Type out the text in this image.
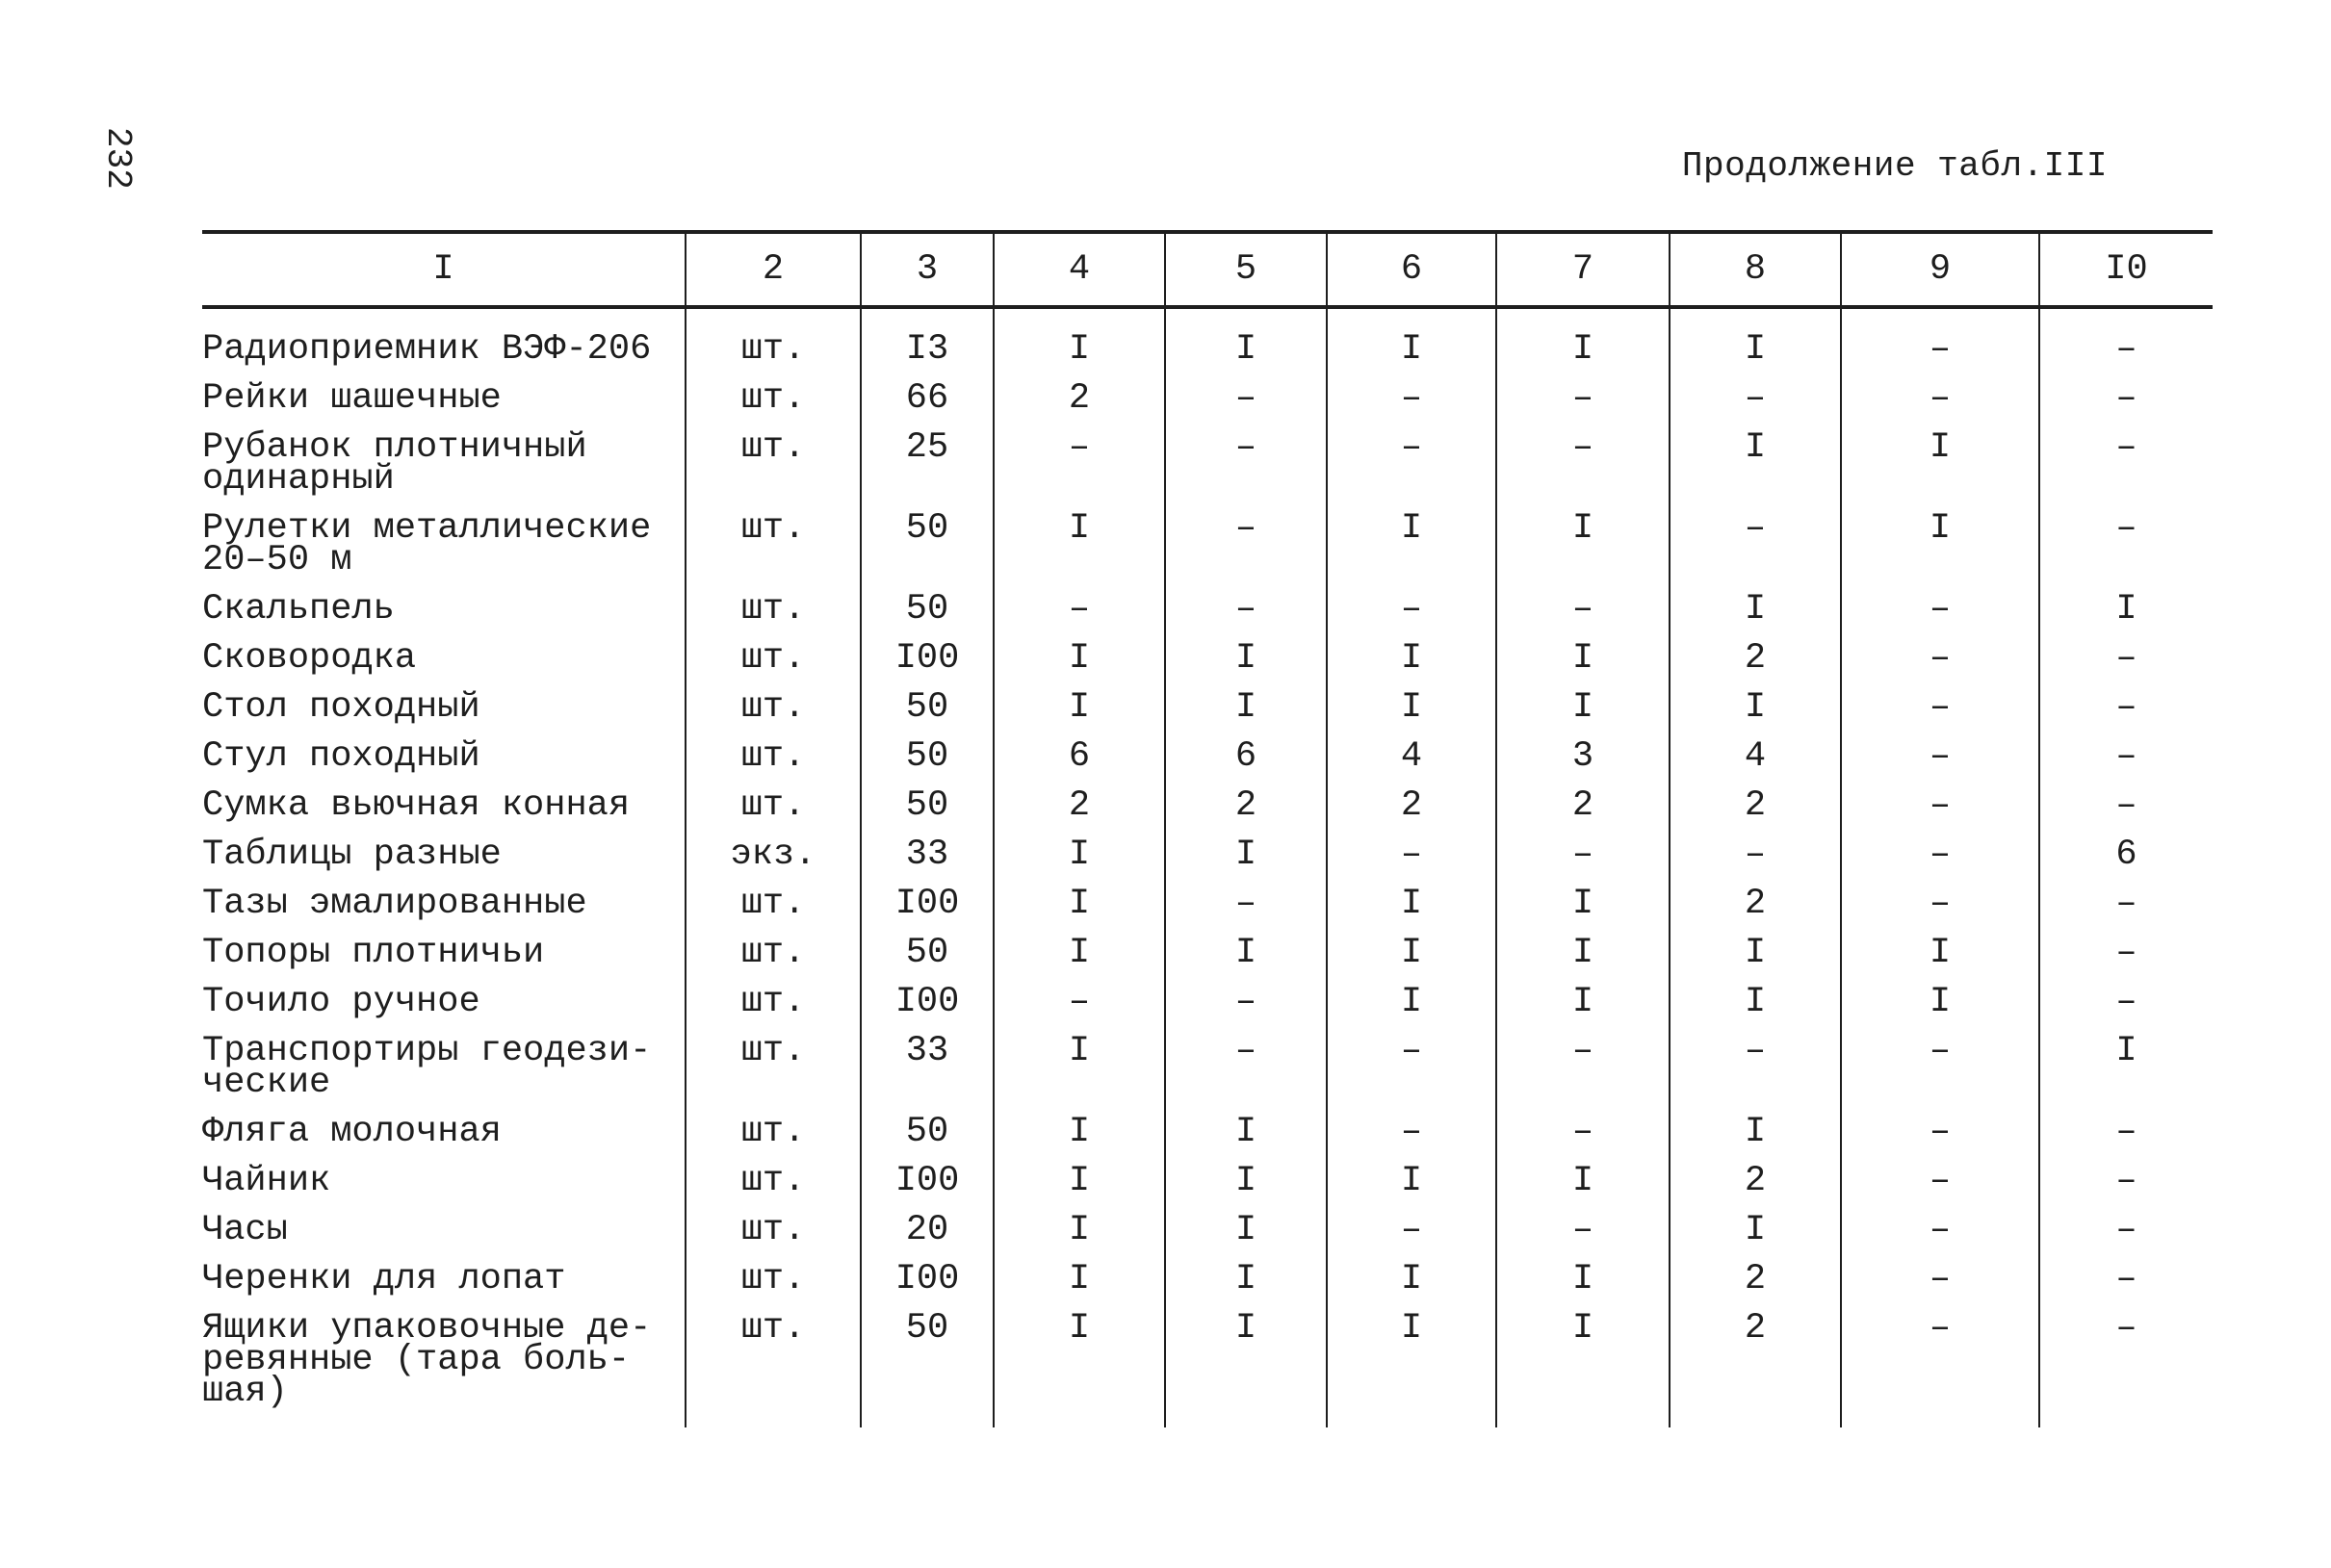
232	Продолжение табл.III
I	2	3	4	5	6	7	8	9	I0

Радиоприемник ВЭФ-206	шт.	I3	I	I	I	I	I	–	–

Рейки шашечные	шт.	66	2	–	–	–	–	–	–

Рубанок плотничный
одинарный	шт.	25	–	–	–	–	I	I	–

Рулетки металлические
20–50 м	шт.	50	I	–	I	I	–	I	–

Скальпель	шт.	50	–	–	–	–	I	–	I

Сковородка	шт.	I00	I	I	I	I	2	–	–

Стол походный	шт.	50	I	I	I	I	I	–	–

Стул походный	шт.	50	6	6	4	3	4	–	–

Сумка вьючная конная	шт.	50	2	2	2	2	2	–	–

Таблицы разные	экз.	33	I	I	–	–	–	–	6

Тазы эмалированные	шт.	I00	I	–	I	I	2	–	–

Топоры плотничьи	шт.	50	I	I	I	I	I	I	–

Точило ручное	шт.	I00	–	–	I	I	I	I	–

Транспортиры геодези-
ческие	шт.	33	I	–	–	–	–	–	I

Фляга молочная	шт.	50	I	I	–	–	I	–	–

Чайник	шт.	I00	I	I	I	I	2	–	–

Часы	шт.	20	I	I	–	–	I	–	–

Черенки для лопат	шт.	I00	I	I	I	I	2	–	–

Ящики упаковочные де-
ревянные (тара боль-
шая)	шт.	50	I	I	I	I	2	–	–
